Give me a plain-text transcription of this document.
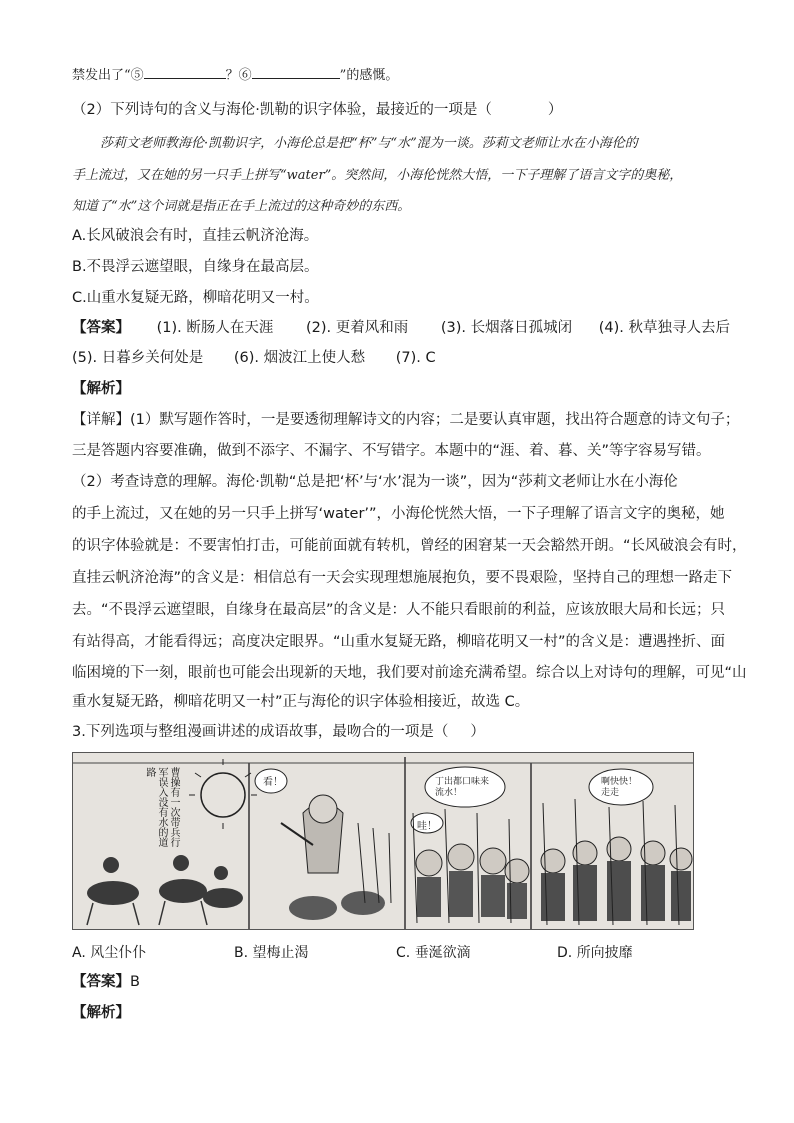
禁发出了“⑤	？⑥	”的感慨。
（2）下列诗句的含义与海伦·凯勒的识字体验，最接近的一项是（	）
莎莉文老师教海伦·凯勒识字，小海伦总是把“杯”与“水”混为一谈。莎莉文老师让水在小海伦的
手上流过，又在她的另一只手上拼写“water”。突然间，小海伦恍然大悟，一下子理解了语言文字的奥秘，
知道了“水”这个词就是指正在手上流过的这种奇妙的东西。
A.长风破浪会有时，直挂云帆济沧海。
B.不畏浮云遮望眼，自缘身在最高层。
C.山重水复疑无路，柳暗花明又一村。
【答案】 (1). 断肠人在天涯 (2). 更着风和雨 (3). 长烟落日孤城闭 (4). 秋草独寻人去后
(5). 日暮乡关何处是 (6). 烟波江上使人愁 (7). C
【解析】
【详解】(1）默写题作答时，一是要透彻理解诗文的内容；二是要认真审题，找出符合题意的诗文句子；
三是答题内容要准确，做到不添字、不漏字、不写错字。本题中的“涯、着、暮、关”等字容易写错。
（2）考查诗意的理解。海伦·凯勒“总是把‘杯’与‘水’混为一谈”，因为“莎莉文老师让水在小海伦
的手上流过，又在她的另一只手上拼写‘water’”，小海伦恍然大悟，一下子理解了语言文字的奥秘，她
的识字体验就是：不要害怕打击，可能前面就有转机，曾经的困窘某一天会豁然开朗。“长风破浪会有时，
直挂云帆济沧海”的含义是：相信总有一天会实现理想施展抱负，要不畏艰险，坚持自己的理想一路走下
去。“不畏浮云遮望眼，自缘身在最高层”的含义是：人不能只看眼前的利益，应该放眼大局和长远；只
有站得高，才能看得远；高度决定眼界。“山重水复疑无路，柳暗花明又一村”的含义是：遭遇挫折、面
临困境的下一刻，眼前也可能会出现新的天地，我们要对前途充满希望。综合以上对诗句的理解，可见“山
重水复疑无路，柳暗花明又一村”正与海伦的识字体验相接近，故选 C。
3.下列选项与整组漫画讲述的成语故事，最吻合的一项是（ ）
曹操有一次带兵行军误入没有水的道路
看！	丁出都口味来流水！
哇！
啊快快！走走
A. 风尘仆仆	B. 望梅止渴	C. 垂涎欲滴	D. 所向披靡
【答案】B
【解析】
